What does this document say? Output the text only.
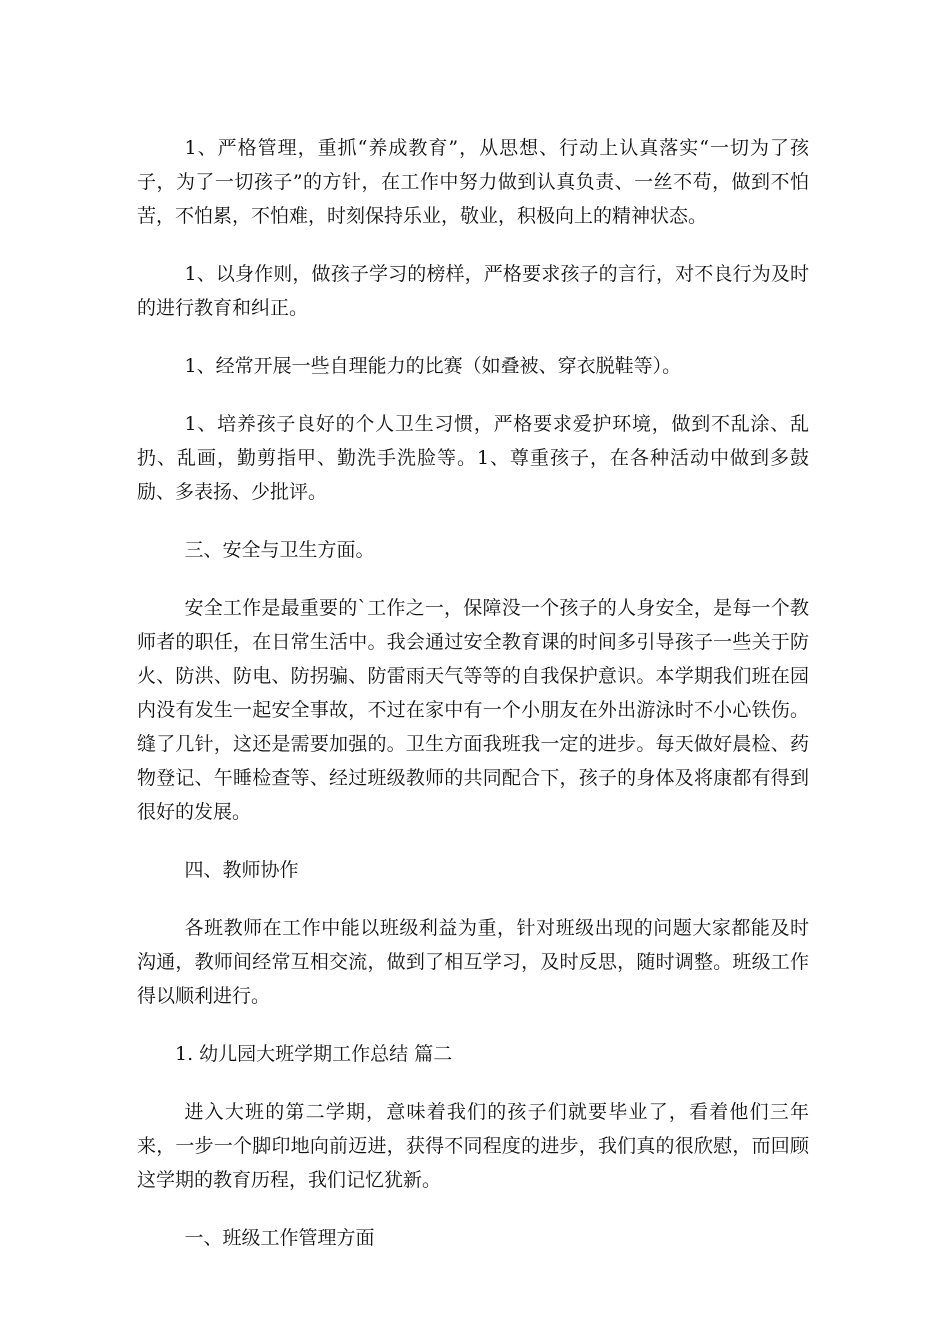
1、严格管理，重抓“养成教育”，从思想、行动上认真落实“一切为了孩子，为了一切孩子”的方针，在工作中努力做到认真负责、一丝不苟，做到不怕苦，不怕累，不怕难，时刻保持乐业，敬业，积极向上的精神状态。

1、以身作则，做孩子学习的榜样，严格要求孩子的言行，对不良行为及时的进行教育和纠正。

1、经常开展一些自理能力的比赛（如叠被、穿衣脱鞋等）。

1、培养孩子良好的个人卫生习惯，严格要求爱护环境，做到不乱涂、乱扔、乱画，勤剪指甲、勤洗手洗脸等。1、尊重孩子，在各种活动中做到多鼓励、多表扬、少批评。

三、安全与卫生方面。

安全工作是最重要的`工作之一，保障没一个孩子的人身安全，是每一个教师者的职任，在日常生活中。我会通过安全教育课的时间多引导孩子一些关于防火、防洪、防电、防拐骗、防雷雨天气等等的自我保护意识。本学期我们班在园内没有发生一起安全事故，不过在家中有一个小朋友在外出游泳时不小心铁伤。缝了几针，这还是需要加强的。卫生方面我班我一定的进步。每天做好晨检、药物登记、午睡检查等、经过班级教师的共同配合下，孩子的身体及将康都有得到很好的发展。

四、教师协作

各班教师在工作中能以班级利益为重，针对班级出现的问题大家都能及时沟通，教师间经常互相交流，做到了相互学习，及时反思，随时调整。班级工作得以顺利进行。

1. 幼儿园大班学期工作总结 篇二

进入大班的第二学期，意味着我们的孩子们就要毕业了，看着他们三年来，一步一个脚印地向前迈进，获得不同程度的进步，我们真的很欣慰，而回顾这学期的教育历程，我们记忆犹新。

一、班级工作管理方面
